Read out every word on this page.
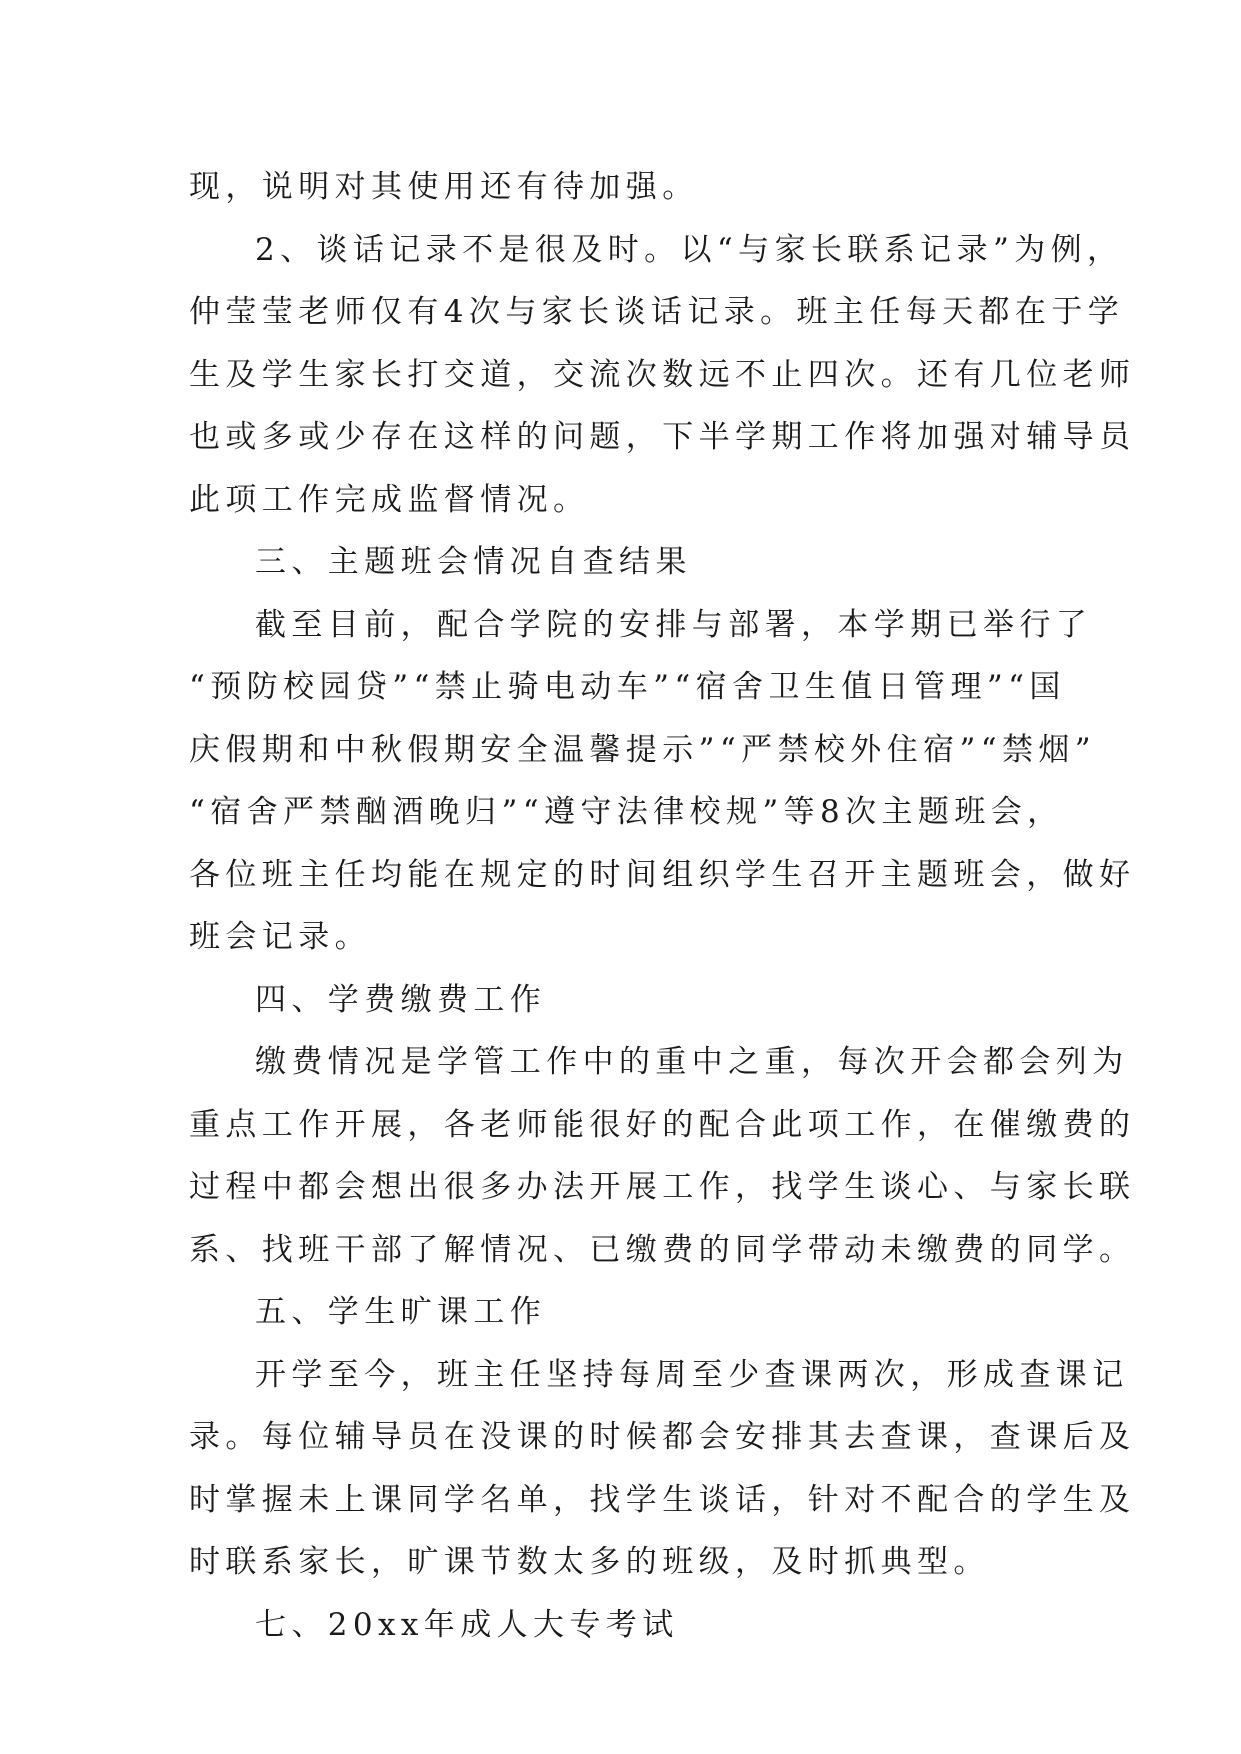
现，说明对其使用还有待加强。
2、谈话记录不是很及时。以“与家长联系记录”为例，
仲莹莹老师仅有4次与家长谈话记录。班主任每天都在于学
生及学生家长打交道，交流次数远不止四次。还有几位老师
也或多或少存在这样的问题，下半学期工作将加强对辅导员
此项工作完成监督情况。
三、主题班会情况自查结果
截至目前，配合学院的安排与部署，本学期已举行了
“预防校园贷”“禁止骑电动车”“宿舍卫生值日管理”“国
庆假期和中秋假期安全温馨提示”“严禁校外住宿”“禁烟”
“宿舍严禁酗酒晚归”“遵守法律校规”等8次主题班会，
各位班主任均能在规定的时间组织学生召开主题班会，做好
班会记录。
四、学费缴费工作
缴费情况是学管工作中的重中之重，每次开会都会列为
重点工作开展，各老师能很好的配合此项工作，在催缴费的
过程中都会想出很多办法开展工作，找学生谈心、与家长联
系、找班干部了解情况、已缴费的同学带动未缴费的同学。
五、学生旷课工作
开学至今，班主任坚持每周至少查课两次，形成查课记
录。每位辅导员在没课的时候都会安排其去查课，查课后及
时掌握未上课同学名单，找学生谈话，针对不配合的学生及
时联系家长，旷课节数太多的班级，及时抓典型。
七、20xx年成人大专考试
